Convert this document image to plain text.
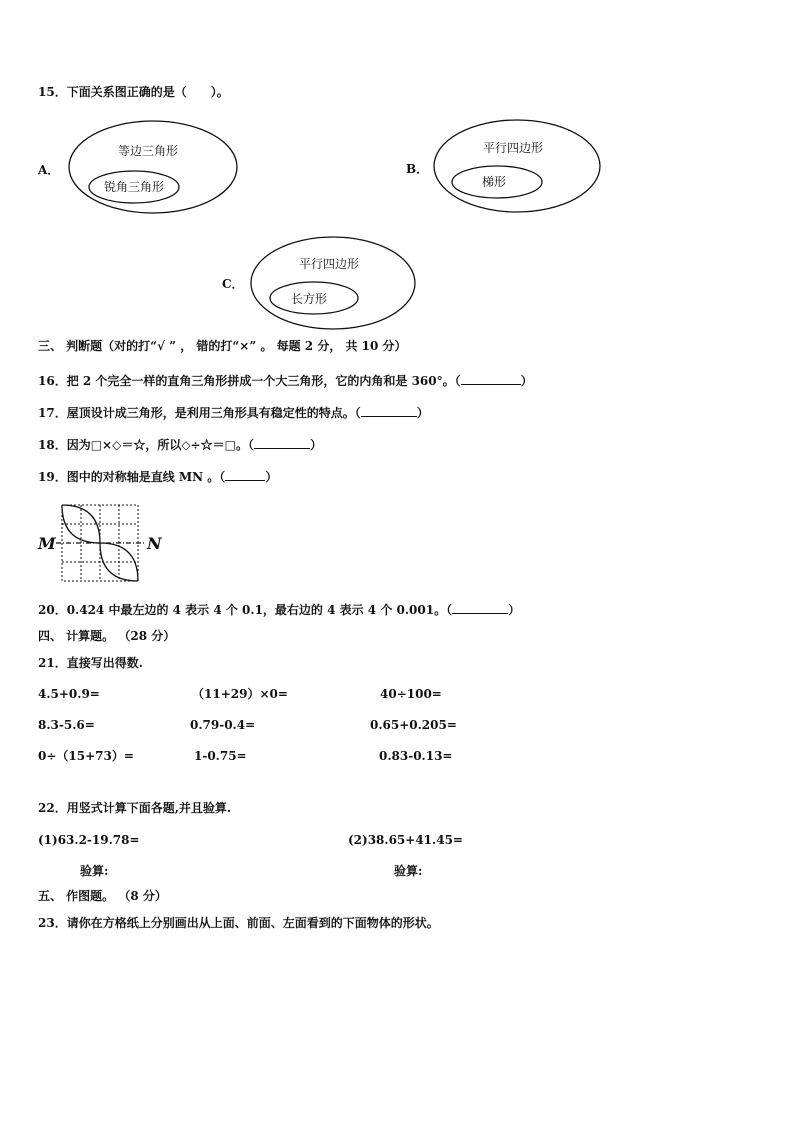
15．下面关系图正确的是（　　）。
A．
等边三角形
锐角三角形
B．
平行四边形
梯形
C．
平行四边形
长方形
三、 判断题（对的打“√ ” ， 错的打“×” 。 每题 2 分， 共 10 分）
16．把 2 个完全一样的直角三角形拼成一个大三角形，它的内角和是 360°。（	）
17．屋顶设计成三角形，是利用三角形具有稳定性的特点。（	）
18．因为□×◇＝☆，所以◇÷☆＝□。（	）
19．图中的对称轴是直线 MN 。（	）
M	N
20．0.424 中最左边的 4 表示 4 个 0.1，最右边的 4 表示 4 个 0.001。（	）
四、 计算题。 （28 分）
21．直接写出得数.
4.5+0.9=	（11+29）×0=	40÷100=
8.3-5.6=	0.79-0.4=	0.65+0.205=
0÷（15+73）=	1-0.75=	0.83-0.13=
22．用竖式计算下面各题,并且验算.
(1)63.2-19.78=	(2)38.65+41.45=
验算:	验算:
五、 作图题。 （8 分）
23．请你在方格纸上分别画出从上面、前面、左面看到的下面物体的形状。
